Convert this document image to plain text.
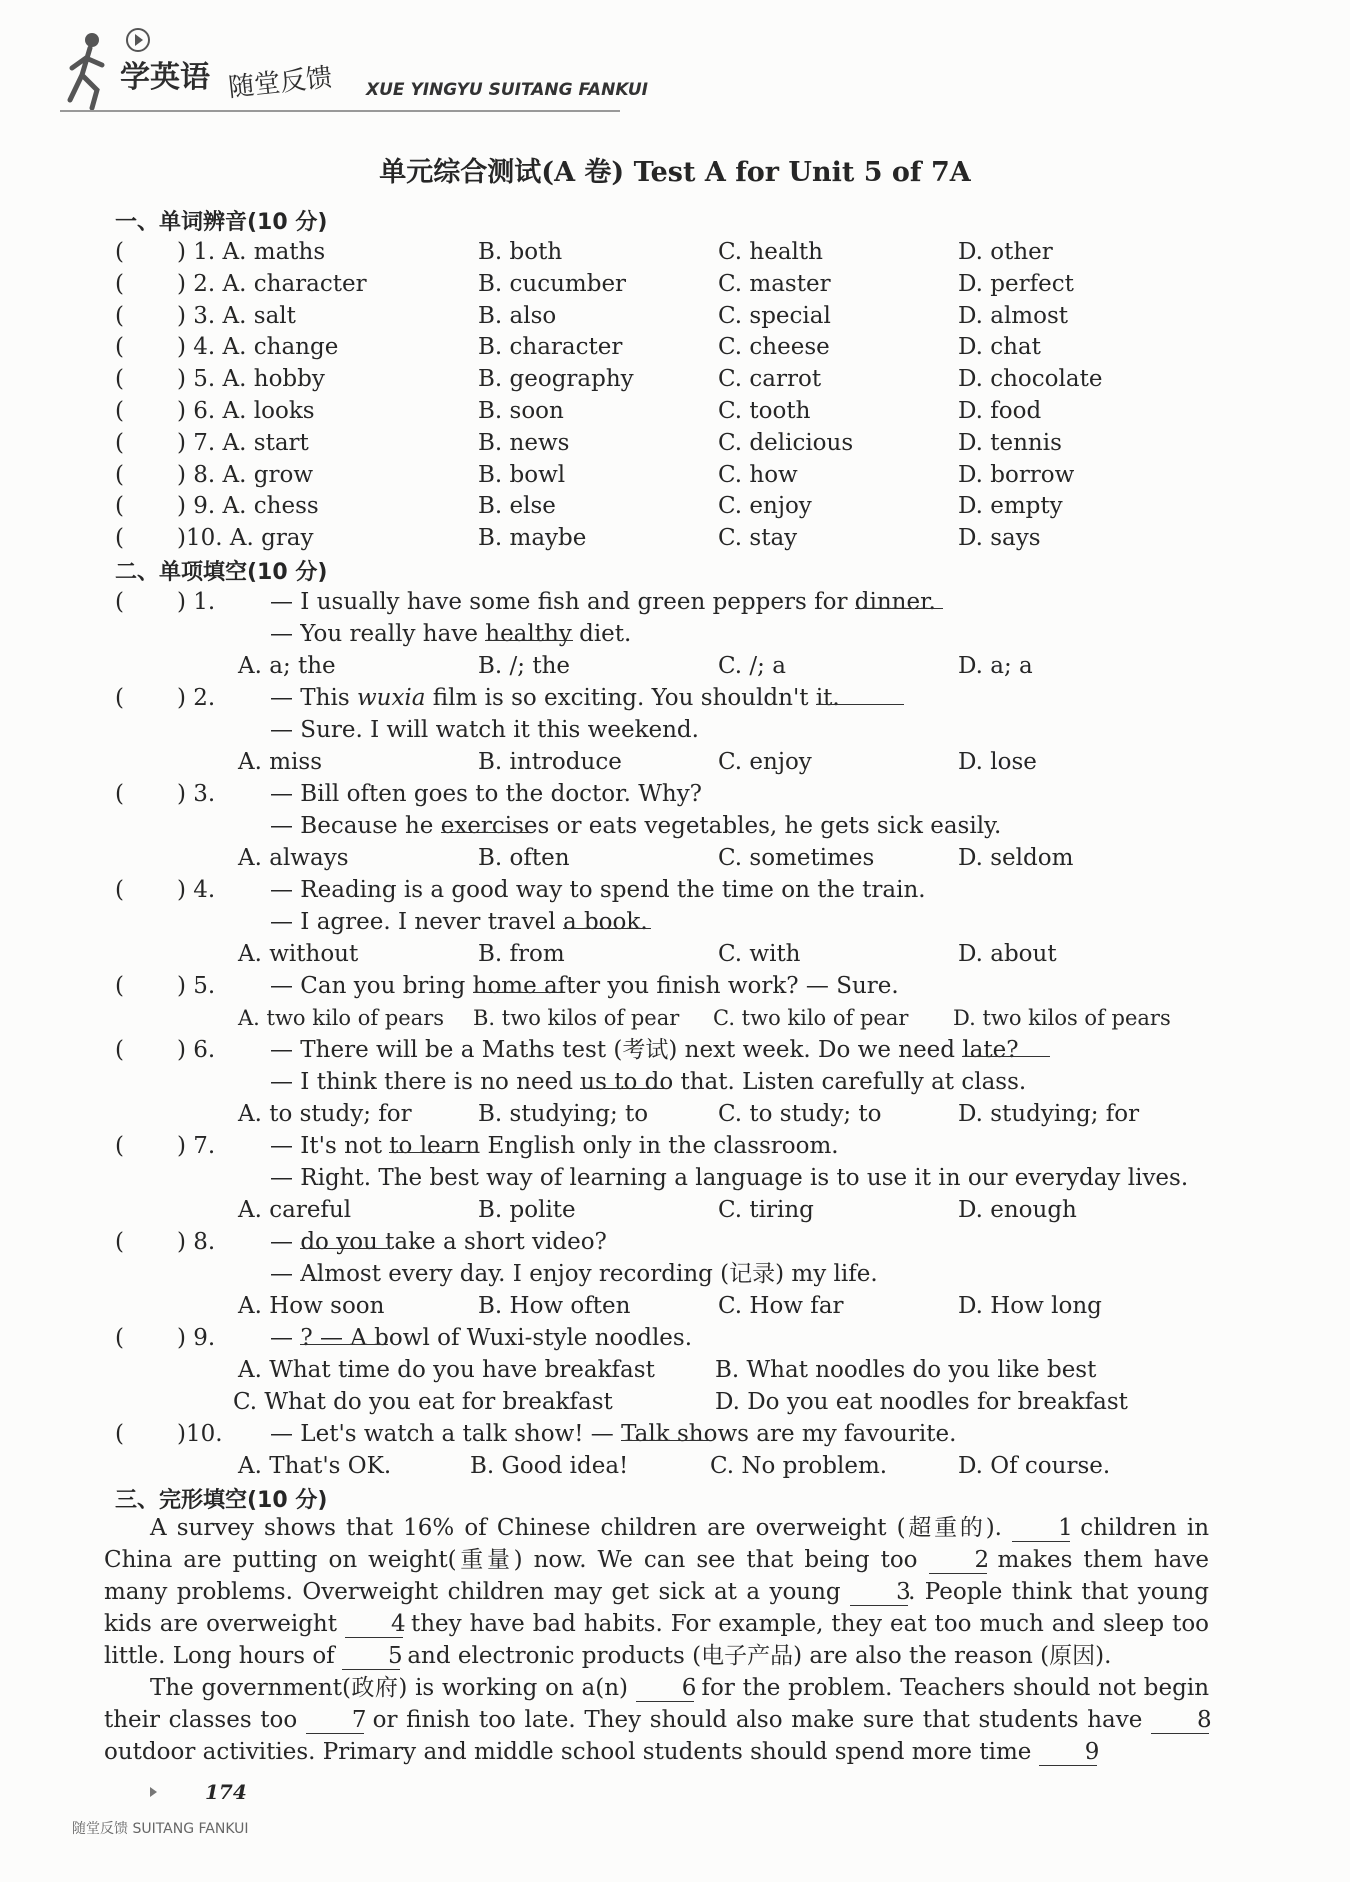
学英语 随堂反馈 XUE YINGYU SUITANG FANKUI
单元综合测试(A 卷) Test A for Unit 5 of 7A
一、单词辨音(10 分)
( ) 1. A. maths	B. both	C. health	D. other
( ) 2. A. character	B. cucumber	C. master	D. perfect
( ) 3. A. salt	B. also	C. special	D. almost
( ) 4. A. change	B. character	C. cheese	D. chat
( ) 5. A. hobby	B. geography	C. carrot	D. chocolate
( ) 6. A. looks	B. soon	C. tooth	D. food
( ) 7. A. start	B. news	C. delicious	D. tennis
( ) 8. A. grow	B. bowl	C. how	D. borrow
( ) 9. A. chess	B. else	C. enjoy	D. empty
( )10. A. gray	B. maybe	C. stay	D. says
二、单项填空(10 分)
( ) 1. — I usually have some fish and green peppers for dinner.
— You really have healthy diet.
A. a; the	B. /; the	C. /; a	D. a; a
( ) 2. — This wuxia film is so exciting. You shouldn't it.
— Sure. I will watch it this weekend.
A. miss	B. introduce	C. enjoy	D. lose
( ) 3. — Bill often goes to the doctor. Why?
— Because he exercises or eats vegetables, he gets sick easily.
A. always	B. often	C. sometimes	D. seldom
( ) 4. — Reading is a good way to spend the time on the train.
— I agree. I never travel a book.
A. without	B. from	C. with	D. about
( ) 5. — Can you bring home after you finish work? — Sure.
A. two kilo of pears B. two kilos of pear C. two kilo of pear D. two kilos of pears
( ) 6. — There will be a Maths test (考试) next week. Do we need late?
— I think there is no need us to do that. Listen carefully at class.
A. to study; for	B. studying; to	C. to study; to	D. studying; for
( ) 7. — It's not to learn English only in the classroom.
— Right. The best way of learning a language is to use it in our everyday lives.
A. careful	B. polite	C. tiring	D. enough
( ) 8. — do you take a short video?
— Almost every day. I enjoy recording (记录) my life.
A. How soon	B. How often	C. How far	D. How long
( ) 9. — ? — A bowl of Wuxi-style noodles.
A. What time do you have breakfast	B. What noodles do you like best
C. What do you eat for breakfast	D. Do you eat noodles for breakfast
( )10. — Let's watch a talk show! — Talk shows are my favourite.
A. That's OK.	B. Good idea!	C. No problem.	D. Of course.
三、完形填空(10 分)
A survey shows that 16% of Chinese children are overweight (超重的). 1 children in China are putting on weight(重量) now. We can see that being too 2 makes them have many problems. Overweight children may get sick at a young 3. People think that young kids are overweight 4 they have bad habits. For example, they eat too much and sleep too little. Long hours of 5 and electronic products (电子产品) are also the reason (原因).
The government(政府) is working on a(n) 6 for the problem. Teachers should not begin their classes too 7 or finish too late. They should also make sure that students have 8 outdoor activities. Primary and middle school students should spend more time 9
174
随堂反馈 SUITANG FANKUI
